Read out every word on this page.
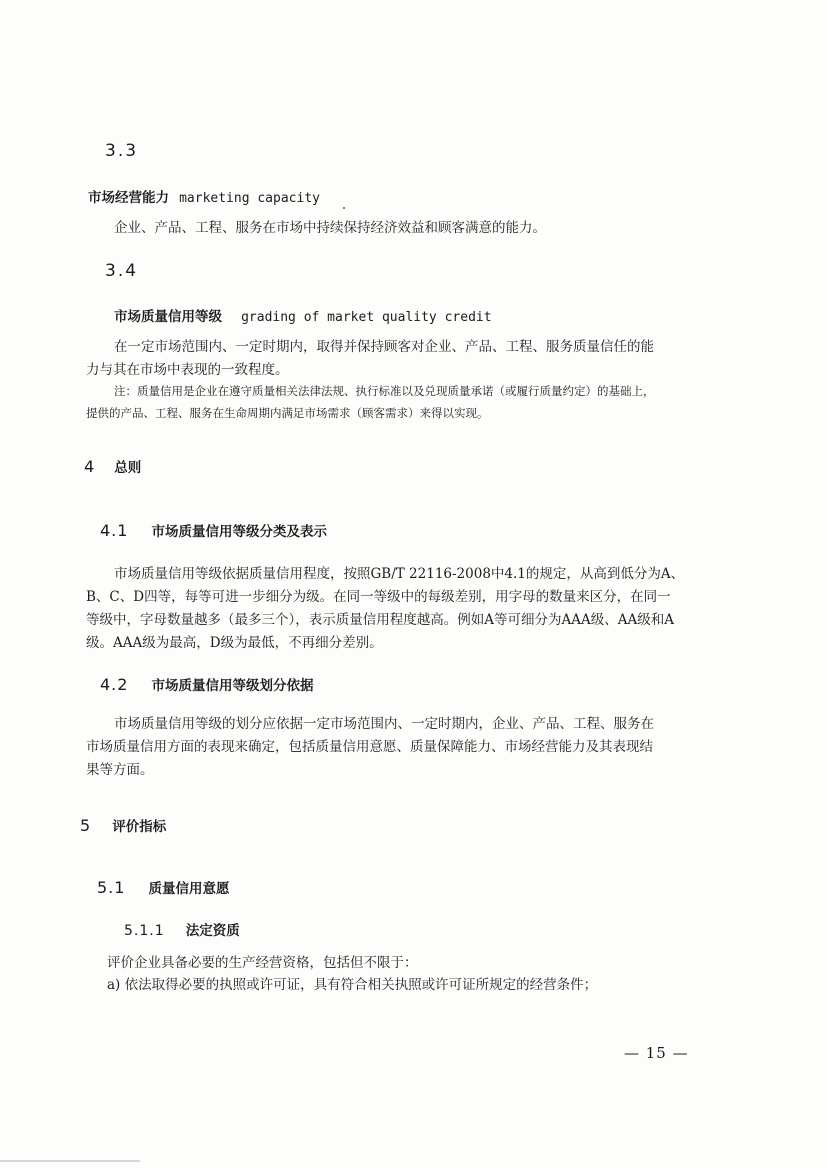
3.3
市场经营能力 marketing capacity
企业、产品、工程、服务在市场中持续保持经济效益和顾客满意的能力。
3.4
市场质量信用等级 grading of market quality credit
在一定市场范围内、一定时期内，取得并保持顾客对企业、产品、工程、服务质量信任的能
力与其在市场中表现的一致程度。
注：质量信用是企业在遵守质量相关法律法规、执行标准以及兑现质量承诺（或履行质量约定）的基础上，
提供的产品、工程、服务在生命周期内满足市场需求（顾客需求）来得以实现。
4 总则
4.1 市场质量信用等级分类及表示
市场质量信用等级依据质量信用程度，按照GB/T 22116-2008中4.1的规定，从高到低分为A、
B、C、D四等，每等可进一步细分为级。在同一等级中的每级差别，用字母的数量来区分，在同一
等级中，字母数量越多（最多三个），表示质量信用程度越高。例如A等可细分为AAA级、AA级和A
级。AAA级为最高，D级为最低，不再细分差别。
4.2 市场质量信用等级划分依据
市场质量信用等级的划分应依据一定市场范围内、一定时期内，企业、产品、工程、服务在
市场质量信用方面的表现来确定，包括质量信用意愿、质量保障能力、市场经营能力及其表现结
果等方面。
5 评价指标
5.1 质量信用意愿
5.1.1 法定资质
评价企业具备必要的生产经营资格，包括但不限于：
a) 依法取得必要的执照或许可证，具有符合相关执照或许可证所规定的经营条件；
— 15 —
